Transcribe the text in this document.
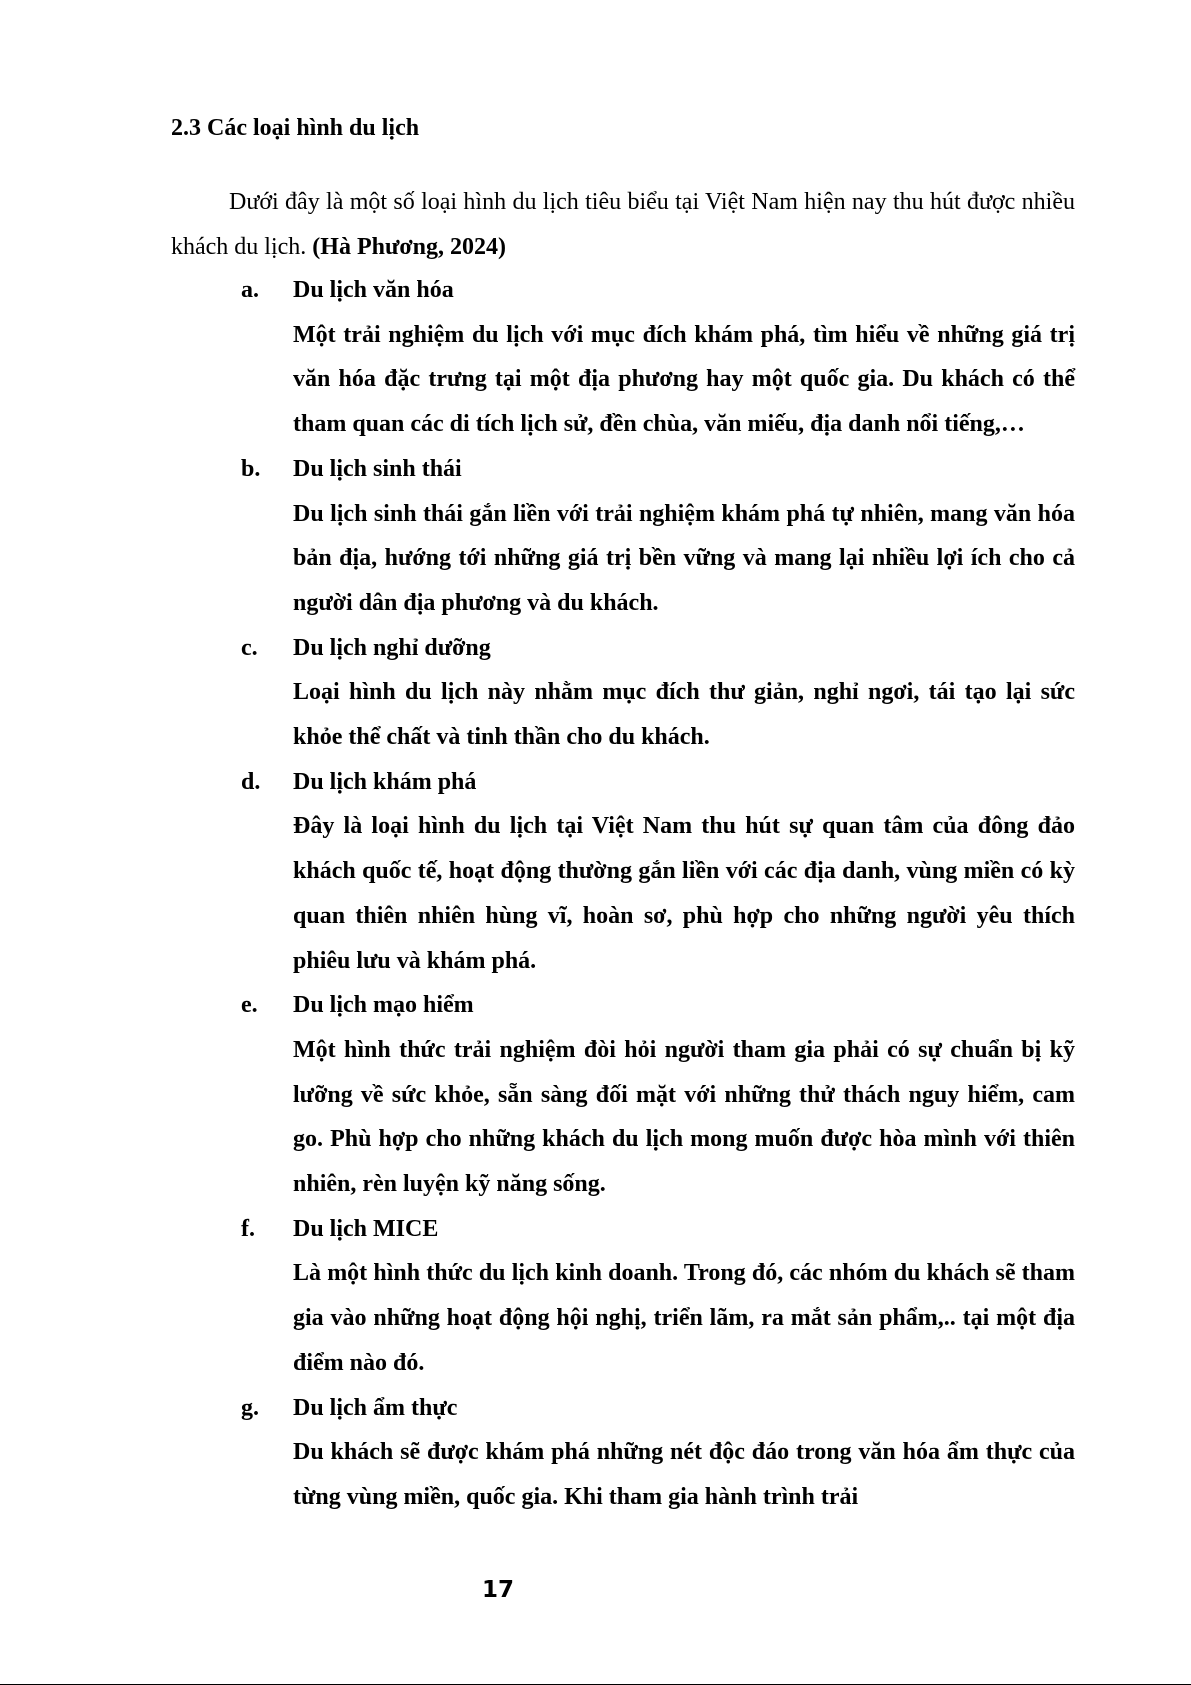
2.3 Các loại hình du lịch

Dưới đây là một số loại hình du lịch tiêu biểu tại Việt Nam hiện nay thu hút được nhiều khách du lịch. (Hà Phương, 2024)

a.	Du lịch văn hóa

Một trải nghiệm du lịch với mục đích khám phá, tìm hiểu về những giá trị văn hóa đặc trưng tại một địa phương hay một quốc gia. Du khách có thể tham quan các di tích lịch sử, đền chùa, văn miếu, địa danh nổi tiếng,…

b.	Du lịch sinh thái

Du lịch sinh thái gắn liền với trải nghiệm khám phá tự nhiên, mang văn hóa bản địa, hướng tới những giá trị bền vững và mang lại nhiều lợi ích cho cả người dân địa phương và du khách.

c.	Du lịch nghỉ dưỡng

Loại hình du lịch này nhằm mục đích thư giản, nghỉ ngơi, tái tạo lại sức khỏe thể chất và tinh thần cho du khách.

d.	Du lịch khám phá

Đây là loại hình du lịch tại Việt Nam thu hút sự quan tâm của đông đảo khách quốc tế, hoạt động thường gắn liền với các địa danh, vùng miền có kỳ quan thiên nhiên hùng vĩ, hoàn sơ, phù hợp cho những người yêu thích phiêu lưu và khám phá.

e.	Du lịch mạo hiểm

Một hình thức trải nghiệm đòi hỏi người tham gia phải có sự chuẩn bị kỹ lưỡng về sức khỏe, sẵn sàng đối mặt với những thử thách nguy hiểm, cam go. Phù hợp cho những khách du lịch mong muốn được hòa mình với thiên nhiên, rèn luyện kỹ năng sống.

f.	Du lịch MICE

Là một hình thức du lịch kinh doanh. Trong đó, các nhóm du khách sẽ tham gia vào những hoạt động hội nghị, triển lãm, ra mắt sản phẩm,.. tại một địa điểm nào đó.

g.	Du lịch ẩm thực

Du khách sẽ được khám phá những nét độc đáo trong văn hóa ẩm thực của từng vùng miền, quốc gia. Khi tham gia hành trình trải

17
